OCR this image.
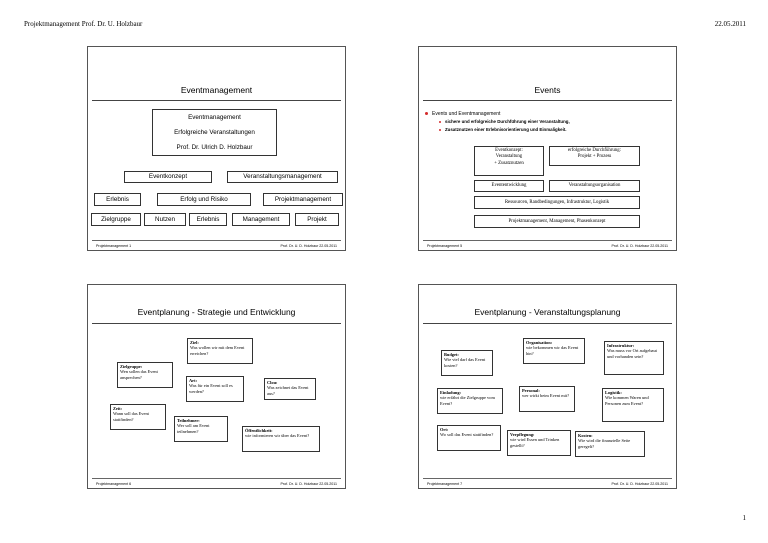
Projektmanagement Prof. Dr. U. Holzbaur	22.05.2011
Eventmanagement
Eventmanagement
Erfolgreiche Veranstaltungen
Prof. Dr. Ulrich D. Holzbaur
Eventkonzept	Veranstaltungsmanagement
Erlebnis	Erfolg und Risiko	Projektmanagement
Zielgruppe	Nutzen	Erlebnis	Management	Projekt
Projektmanagement 1	Prof. Dr. U. D. Holzbaur 22.05.2011
Events
Events und Eventmanagement
sichere und erfolgreiche Durchführung einer Veranstaltung,
Zusatznutzen einer Erlebnisorientierung und Einmaligkeit.
Eventkonzept:
Veranstaltung
+ Zusatznutzen
erfolgreiche Durchführung:
Projekt + Prozess
Evententwicklung	Veranstaltungsorganisation
Ressourcen, Randbedingungen, Infrastruktur, Logistik
Projektmanagement, Management, Phasenkonzept
Projektmanagement 5	Prof. Dr. U. D. Holzbaur 22.05.2011
Eventplanung - Strategie und Entwicklung
Ziel:
Was wollen wir mit dem Event erreichen?
Zielgruppe:
Wen sollen das Event ansprechen?
Art:
Was für ein Event soll es werden?
Clou:
Was zeichnet das Event aus?
Zeit:
Wann soll das Event stattfinden?	Teilnehmer:
Wer soll am Event teilnehmen?	Öffentlichkeit:
wie informieren wir über das Event?
Projektmanagement 6	Prof. Dr. U. D. Holzbaur 22.05.2011
Eventplanung - Veranstaltungsplanung
Organisation:
wie bekommen wir das Event hin?
Infrastruktur:
Was muss vor Ort aufgebaut und vorhanden sein?
Budget:
Wie viel darf das Event kosten?
Einladung:
wie erfährt die Zielgruppe vom Event?
Personal:
wer wirkt beim Event mit?
Logistik:
Wie kommen Waren und Personen zum Event?
Ort:
Wo soll das Event stattfinden?	Verpflegung:
wie wird Essen und Trinken gestellt?
Kosten:
Wie wird die finanzielle Seite geregelt?
Projektmanagement 7	Prof. Dr. U. D. Holzbaur 22.05.2011
1
